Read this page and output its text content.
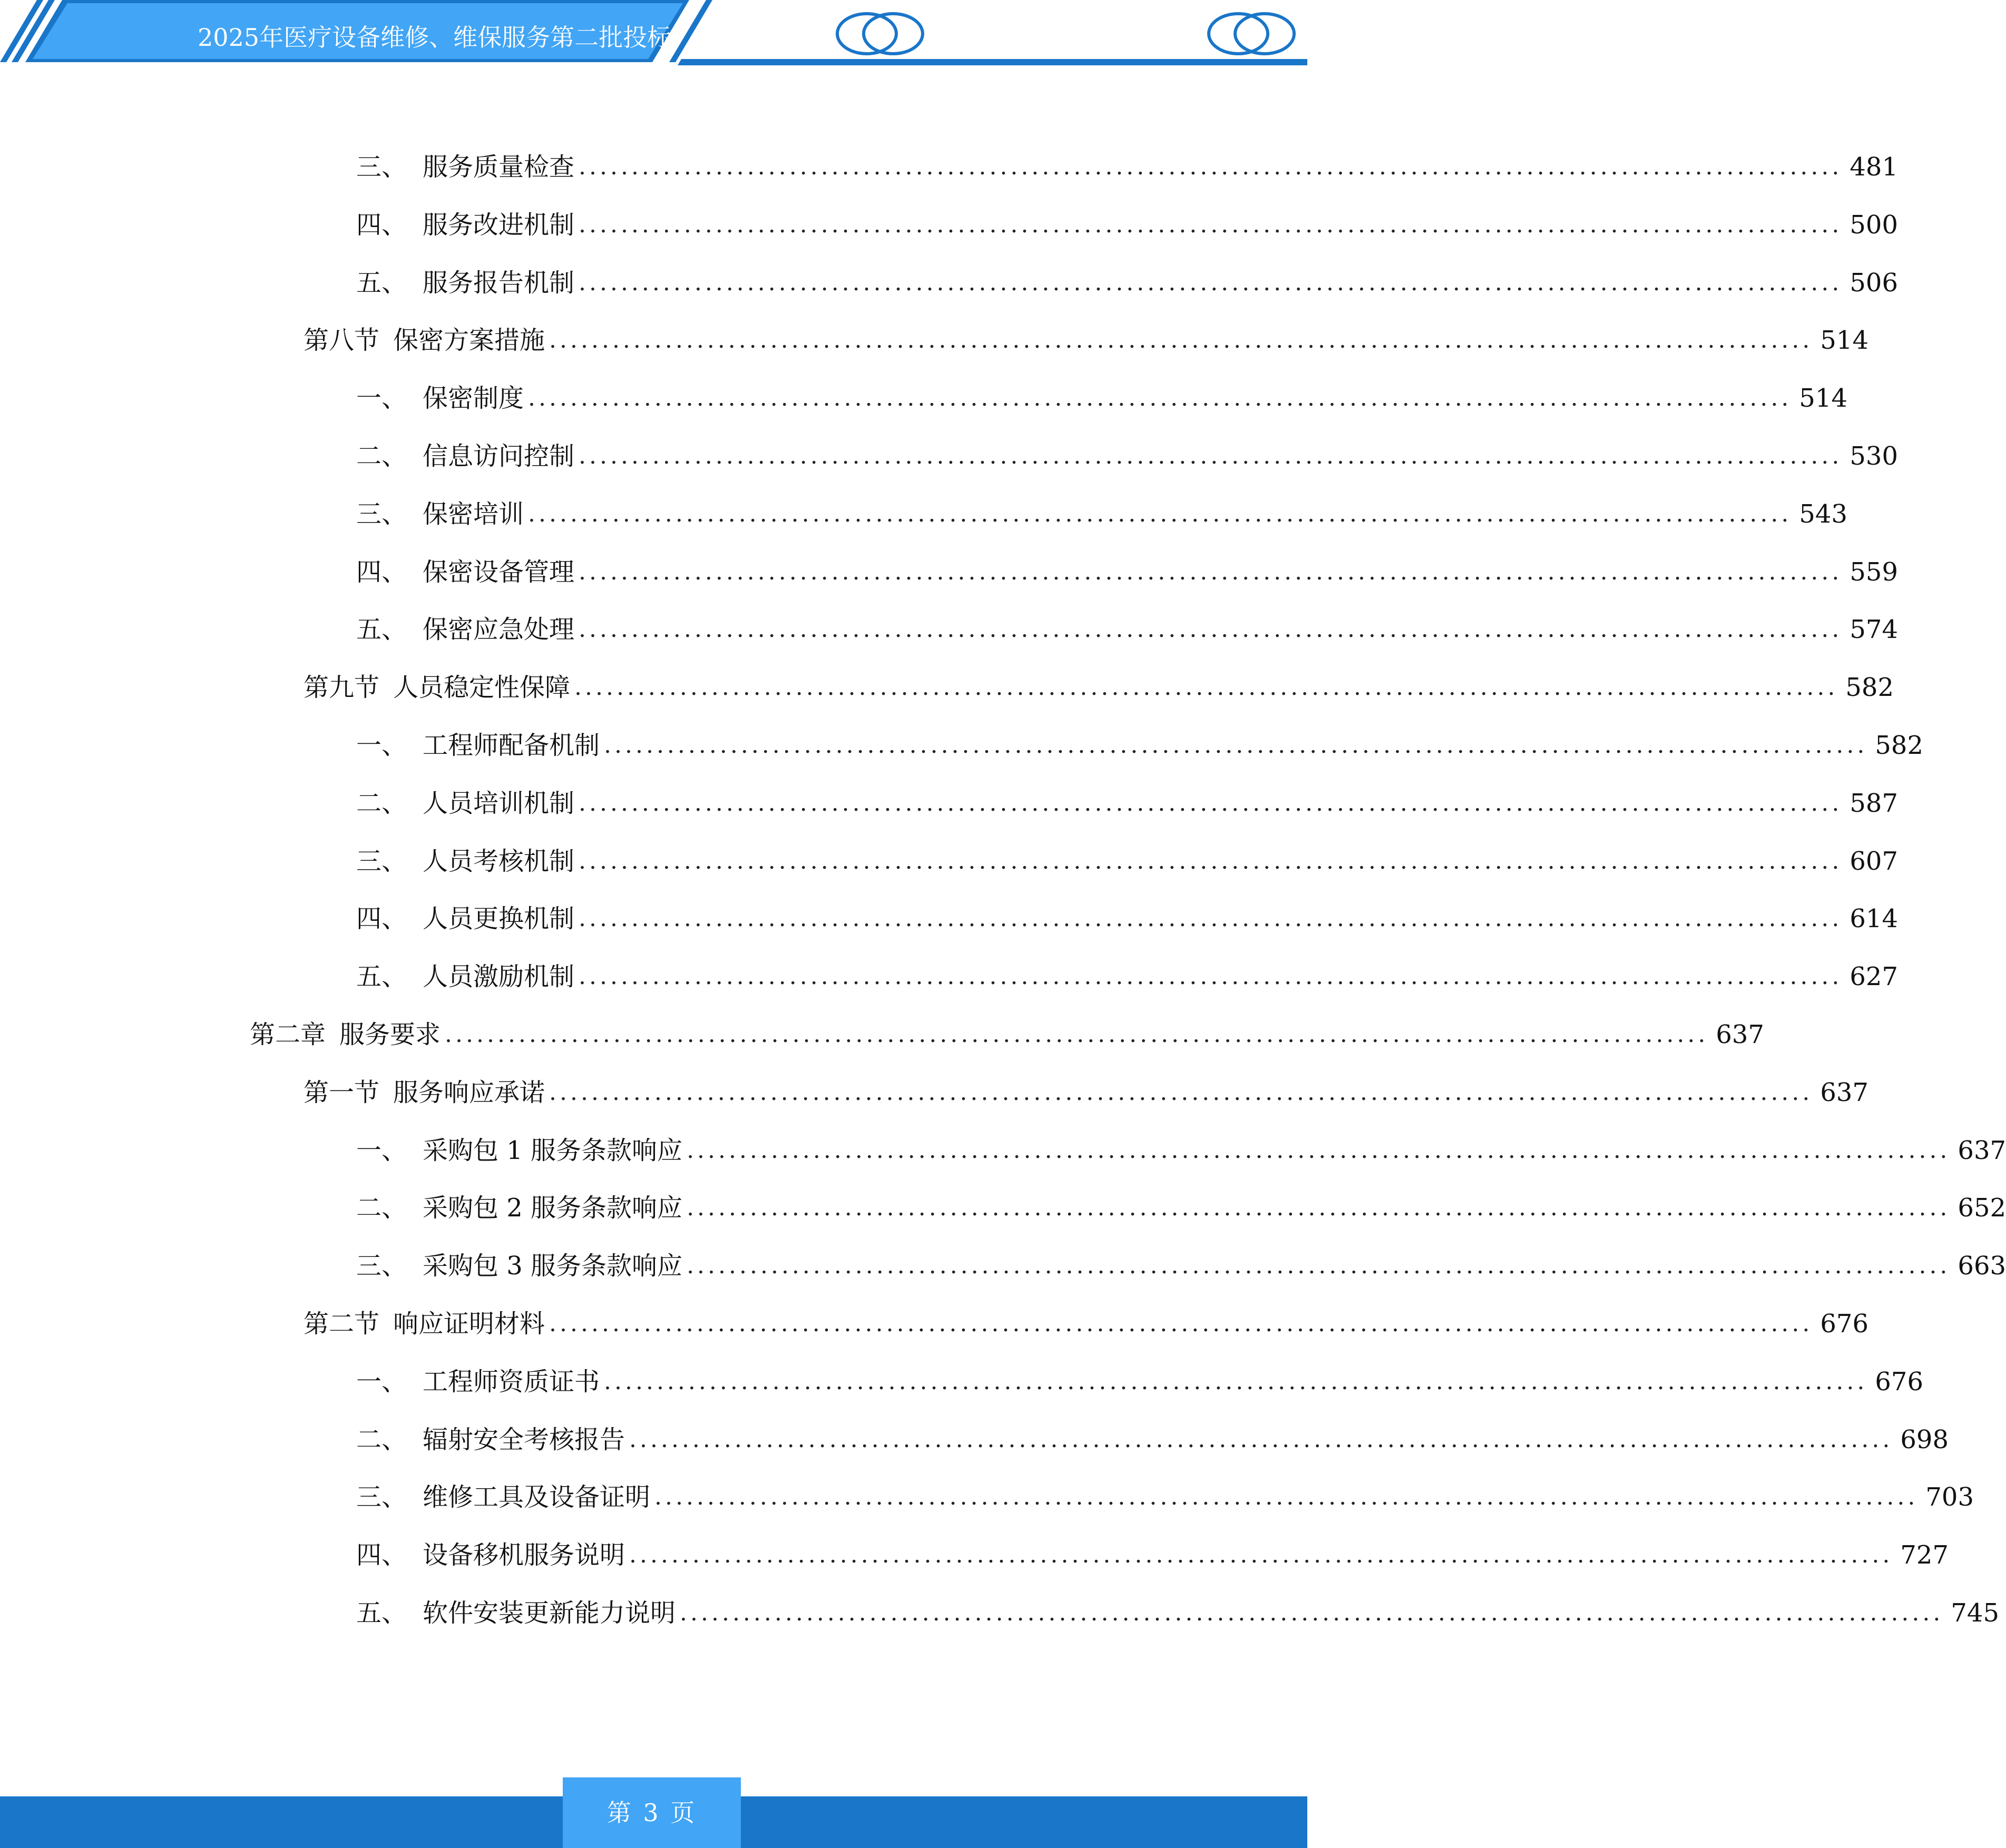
2025年医疗设备维修、维保服务第二批投标
三、 服务质量检查 ........................................................................................................................ 481
四、 服务改进机制 ........................................................................................................................ 500
五、 服务报告机制 ........................................................................................................................ 506
第八节 保密方案措施 ........................................................................................................................ 514
一、 保密制度 ........................................................................................................................ 514
二、 信息访问控制 ........................................................................................................................ 530
三、 保密培训 ........................................................................................................................ 543
四、 保密设备管理 ........................................................................................................................ 559
五、 保密应急处理 ........................................................................................................................ 574
第九节 人员稳定性保障 ........................................................................................................................ 582
一、 工程师配备机制 ........................................................................................................................ 582
二、 人员培训机制 ........................................................................................................................ 587
三、 人员考核机制 ........................................................................................................................ 607
四、 人员更换机制 ........................................................................................................................ 614
五、 人员激励机制 ........................................................................................................................ 627
第二章 服务要求 ........................................................................................................................ 637
第一节 服务响应承诺 ........................................................................................................................ 637
一、 采购包 1 服务条款响应 ........................................................................................................................ 637
二、 采购包 2 服务条款响应 ........................................................................................................................ 652
三、 采购包 3 服务条款响应 ........................................................................................................................ 663
第二节 响应证明材料 ........................................................................................................................ 676
一、 工程师资质证书 ........................................................................................................................ 676
二、 辐射安全考核报告 ........................................................................................................................ 698
三、 维修工具及设备证明 ........................................................................................................................ 703
四、 设备移机服务说明 ........................................................................................................................ 727
五、 软件安装更新能力说明 ........................................................................................................................ 745
第 3 页
